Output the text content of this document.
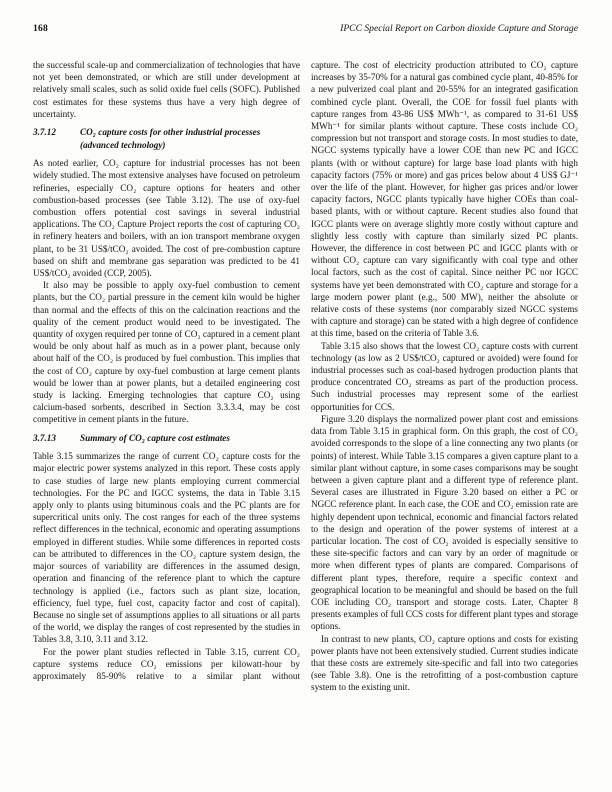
168	IPCC Special Report on Carbon dioxide Capture and Storage

the successful scale-up and commercialization of technologies that have not yet been demonstrated, or which are still under development at relatively small scales, such as solid oxide fuel cells (SOFC). Published cost estimates for these systems thus have a very high degree of uncertainty.

3.7.12	CO₂ capture costs for other industrial processes (advanced technology)

As noted earlier, CO₂ capture for industrial processes has not been widely studied. The most extensive analyses have focused on petroleum refineries, especially CO₂ capture options for heaters and other combustion-based processes (see Table 3.12). The use of oxy-fuel combustion offers potential cost savings in several industrial applications. The CO₂ Capture Project reports the cost of capturing CO₂ in refinery heaters and boilers, with an ion transport membrane oxygen plant, to be 31 US$/tCO₂ avoided. The cost of pre-combustion capture based on shift and membrane gas separation was predicted to be 41 US$/tCO₂ avoided (CCP, 2005).

It also may be possible to apply oxy-fuel combustion to cement plants, but the CO₂ partial pressure in the cement kiln would be higher than normal and the effects of this on the calcination reactions and the quality of the cement product would need to be investigated. The quantity of oxygen required per tonne of CO₂ captured in a cement plant would be only about half as much as in a power plant, because only about half of the CO₂ is produced by fuel combustion. This implies that the cost of CO₂ capture by oxy-fuel combustion at large cement plants would be lower than at power plants, but a detailed engineering cost study is lacking. Emerging technologies that capture CO₂ using calcium-based sorbents, described in Section 3.3.3.4, may be cost competitive in cement plants in the future.

3.7.13	Summary of CO₂ capture cost estimates

Table 3.15 summarizes the range of current CO₂ capture costs for the major electric power systems analyzed in this report. These costs apply to case studies of large new plants employing current commercial technologies. For the PC and IGCC systems, the data in Table 3.15 apply only to plants using bituminous coals and the PC plants are for supercritical units only. The cost ranges for each of the three systems reflect differences in the technical, economic and operating assumptions employed in different studies. While some differences in reported costs can be attributed to differences in the CO₂ capture system design, the major sources of variability are differences in the assumed design, operation and financing of the reference plant to which the capture technology is applied (i.e., factors such as plant size, location, efficiency, fuel type, fuel cost, capacity factor and cost of capital). Because no single set of assumptions applies to all situations or all parts of the world, we display the ranges of cost represented by the studies in Tables 3.8, 3.10, 3.11 and 3.12.

For the power plant studies reflected in Table 3.15, current CO₂ capture systems reduce CO₂ emissions per kilowatt-hour by approximately 85-90% relative to a similar plant without

capture. The cost of electricity production attributed to CO₂ capture increases by 35-70% for a natural gas combined cycle plant, 40-85% for a new pulverized coal plant and 20-55% for an integrated gasification combined cycle plant. Overall, the COE for fossil fuel plants with capture ranges from 43-86 US$ MWh⁻¹, as compared to 31-61 US$ MWh⁻¹ for similar plants without capture. These costs include CO₂ compression but not transport and storage costs. In most studies to date, NGCC systems typically have a lower COE than new PC and IGCC plants (with or without capture) for large base load plants with high capacity factors (75% or more) and gas prices below about 4 US$ GJ⁻¹ over the life of the plant. However, for higher gas prices and/or lower capacity factors, NGCC plants typically have higher COEs than coal-based plants, with or without capture. Recent studies also found that IGCC plants were on average slightly more costly without capture and slightly less costly with capture than similarly sized PC plants. However, the difference in cost between PC and IGCC plants with or without CO₂ capture can vary significantly with coal type and other local factors, such as the cost of capital. Since neither PC nor IGCC systems have yet been demonstrated with CO₂ capture and storage for a large modern power plant (e.g., 500 MW), neither the absolute or relative costs of these systems (nor comparably sized NGCC systems with capture and storage) can be stated with a high degree of confidence at this time, based on the criteria of Table 3.6.

Table 3.15 also shows that the lowest CO₂ capture costs with current technology (as low as 2 US$/tCO₂ captured or avoided) were found for industrial processes such as coal-based hydrogen production plants that produce concentrated CO₂ streams as part of the production process. Such industrial processes may represent some of the earliest opportunities for CCS.

Figure 3.20 displays the normalized power plant cost and emissions data from Table 3.15 in graphical form. On this graph, the cost of CO₂ avoided corresponds to the slope of a line connecting any two plants (or points) of interest. While Table 3.15 compares a given capture plant to a similar plant without capture, in some cases comparisons may be sought between a given capture plant and a different type of reference plant. Several cases are illustrated in Figure 3.20 based on either a PC or NGCC reference plant. In each case, the COE and CO₂ emission rate are highly dependent upon technical, economic and financial factors related to the design and operation of the power systems of interest at a particular location. The cost of CO₂ avoided is especially sensitive to these site-specific factors and can vary by an order of magnitude or more when different types of plants are compared. Comparisons of different plant types, therefore, require a specific context and geographical location to be meaningful and should be based on the full COE including CO₂ transport and storage costs. Later, Chapter 8 presents examples of full CCS costs for different plant types and storage options.

In contrast to new plants, CO₂ capture options and costs for existing power plants have not been extensively studied. Current studies indicate that these costs are extremely site-specific and fall into two categories (see Table 3.8). One is the retrofitting of a post-combustion capture system to the existing unit.
